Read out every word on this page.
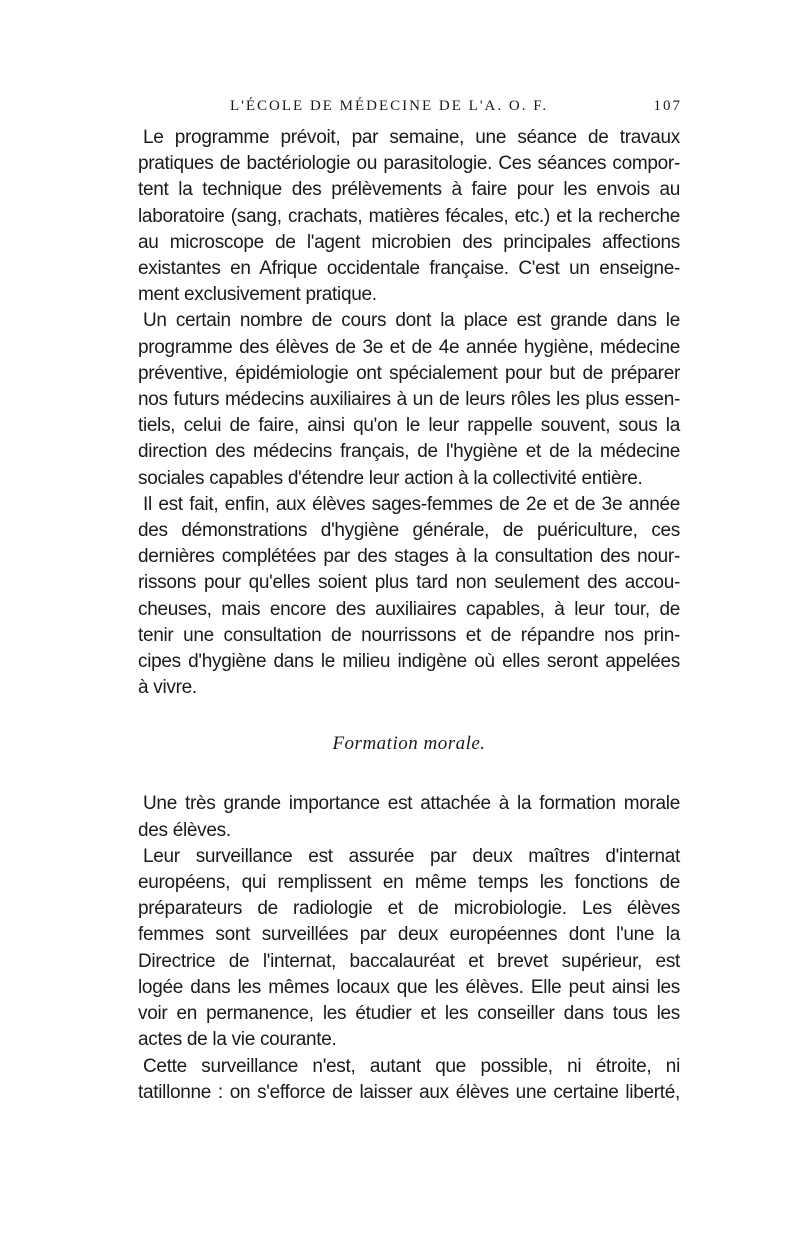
L'ÉCOLE DE MÉDECINE DE L'A. O. F.	107

Le programme prévoit, par semaine, une séance de travaux
pratiques de bactériologie ou parasitologie. Ces séances compor-
tent la technique des prélèvements à faire pour les envois au
laboratoire (sang, crachats, matières fécales, etc.) et la recherche
au microscope de l'agent microbien des principales affections
existantes en Afrique occidentale française. C'est un enseigne-
ment exclusivement pratique.

Un certain nombre de cours dont la place est grande dans le
programme des élèves de 3e et de 4e année hygiène, médecine
préventive, épidémiologie ont spécialement pour but de préparer
nos futurs médecins auxiliaires à un de leurs rôles les plus essen-
tiels, celui de faire, ainsi qu'on le leur rappelle souvent, sous la
direction des médecins français, de l'hygiène et de la médecine
sociales capables d'étendre leur action à la collectivité entière.

Il est fait, enfin, aux élèves sages-femmes de 2e et de 3e année
des démonstrations d'hygiène générale, de puériculture, ces
dernières complétées par des stages à la consultation des nour-
rissons pour qu'elles soient plus tard non seulement des accou-
cheuses, mais encore des auxiliaires capables, à leur tour, de
tenir une consultation de nourrissons et de répandre nos prin-
cipes d'hygiène dans le milieu indigène où elles seront appelées
à vivre.

Formation morale.

Une très grande importance est attachée à la formation morale
des élèves.

Leur surveillance est assurée par deux maîtres d'internat
européens, qui remplissent en même temps les fonctions de
préparateurs de radiologie et de microbiologie. Les élèves
femmes sont surveillées par deux européennes dont l'une la
Directrice de l'internat, baccalauréat et brevet supérieur, est
logée dans les mêmes locaux que les élèves. Elle peut ainsi les
voir en permanence, les étudier et les conseiller dans tous les
actes de la vie courante.

Cette surveillance n'est, autant que possible, ni étroite, ni
tatillonne : on s'efforce de laisser aux élèves une certaine liberté,
